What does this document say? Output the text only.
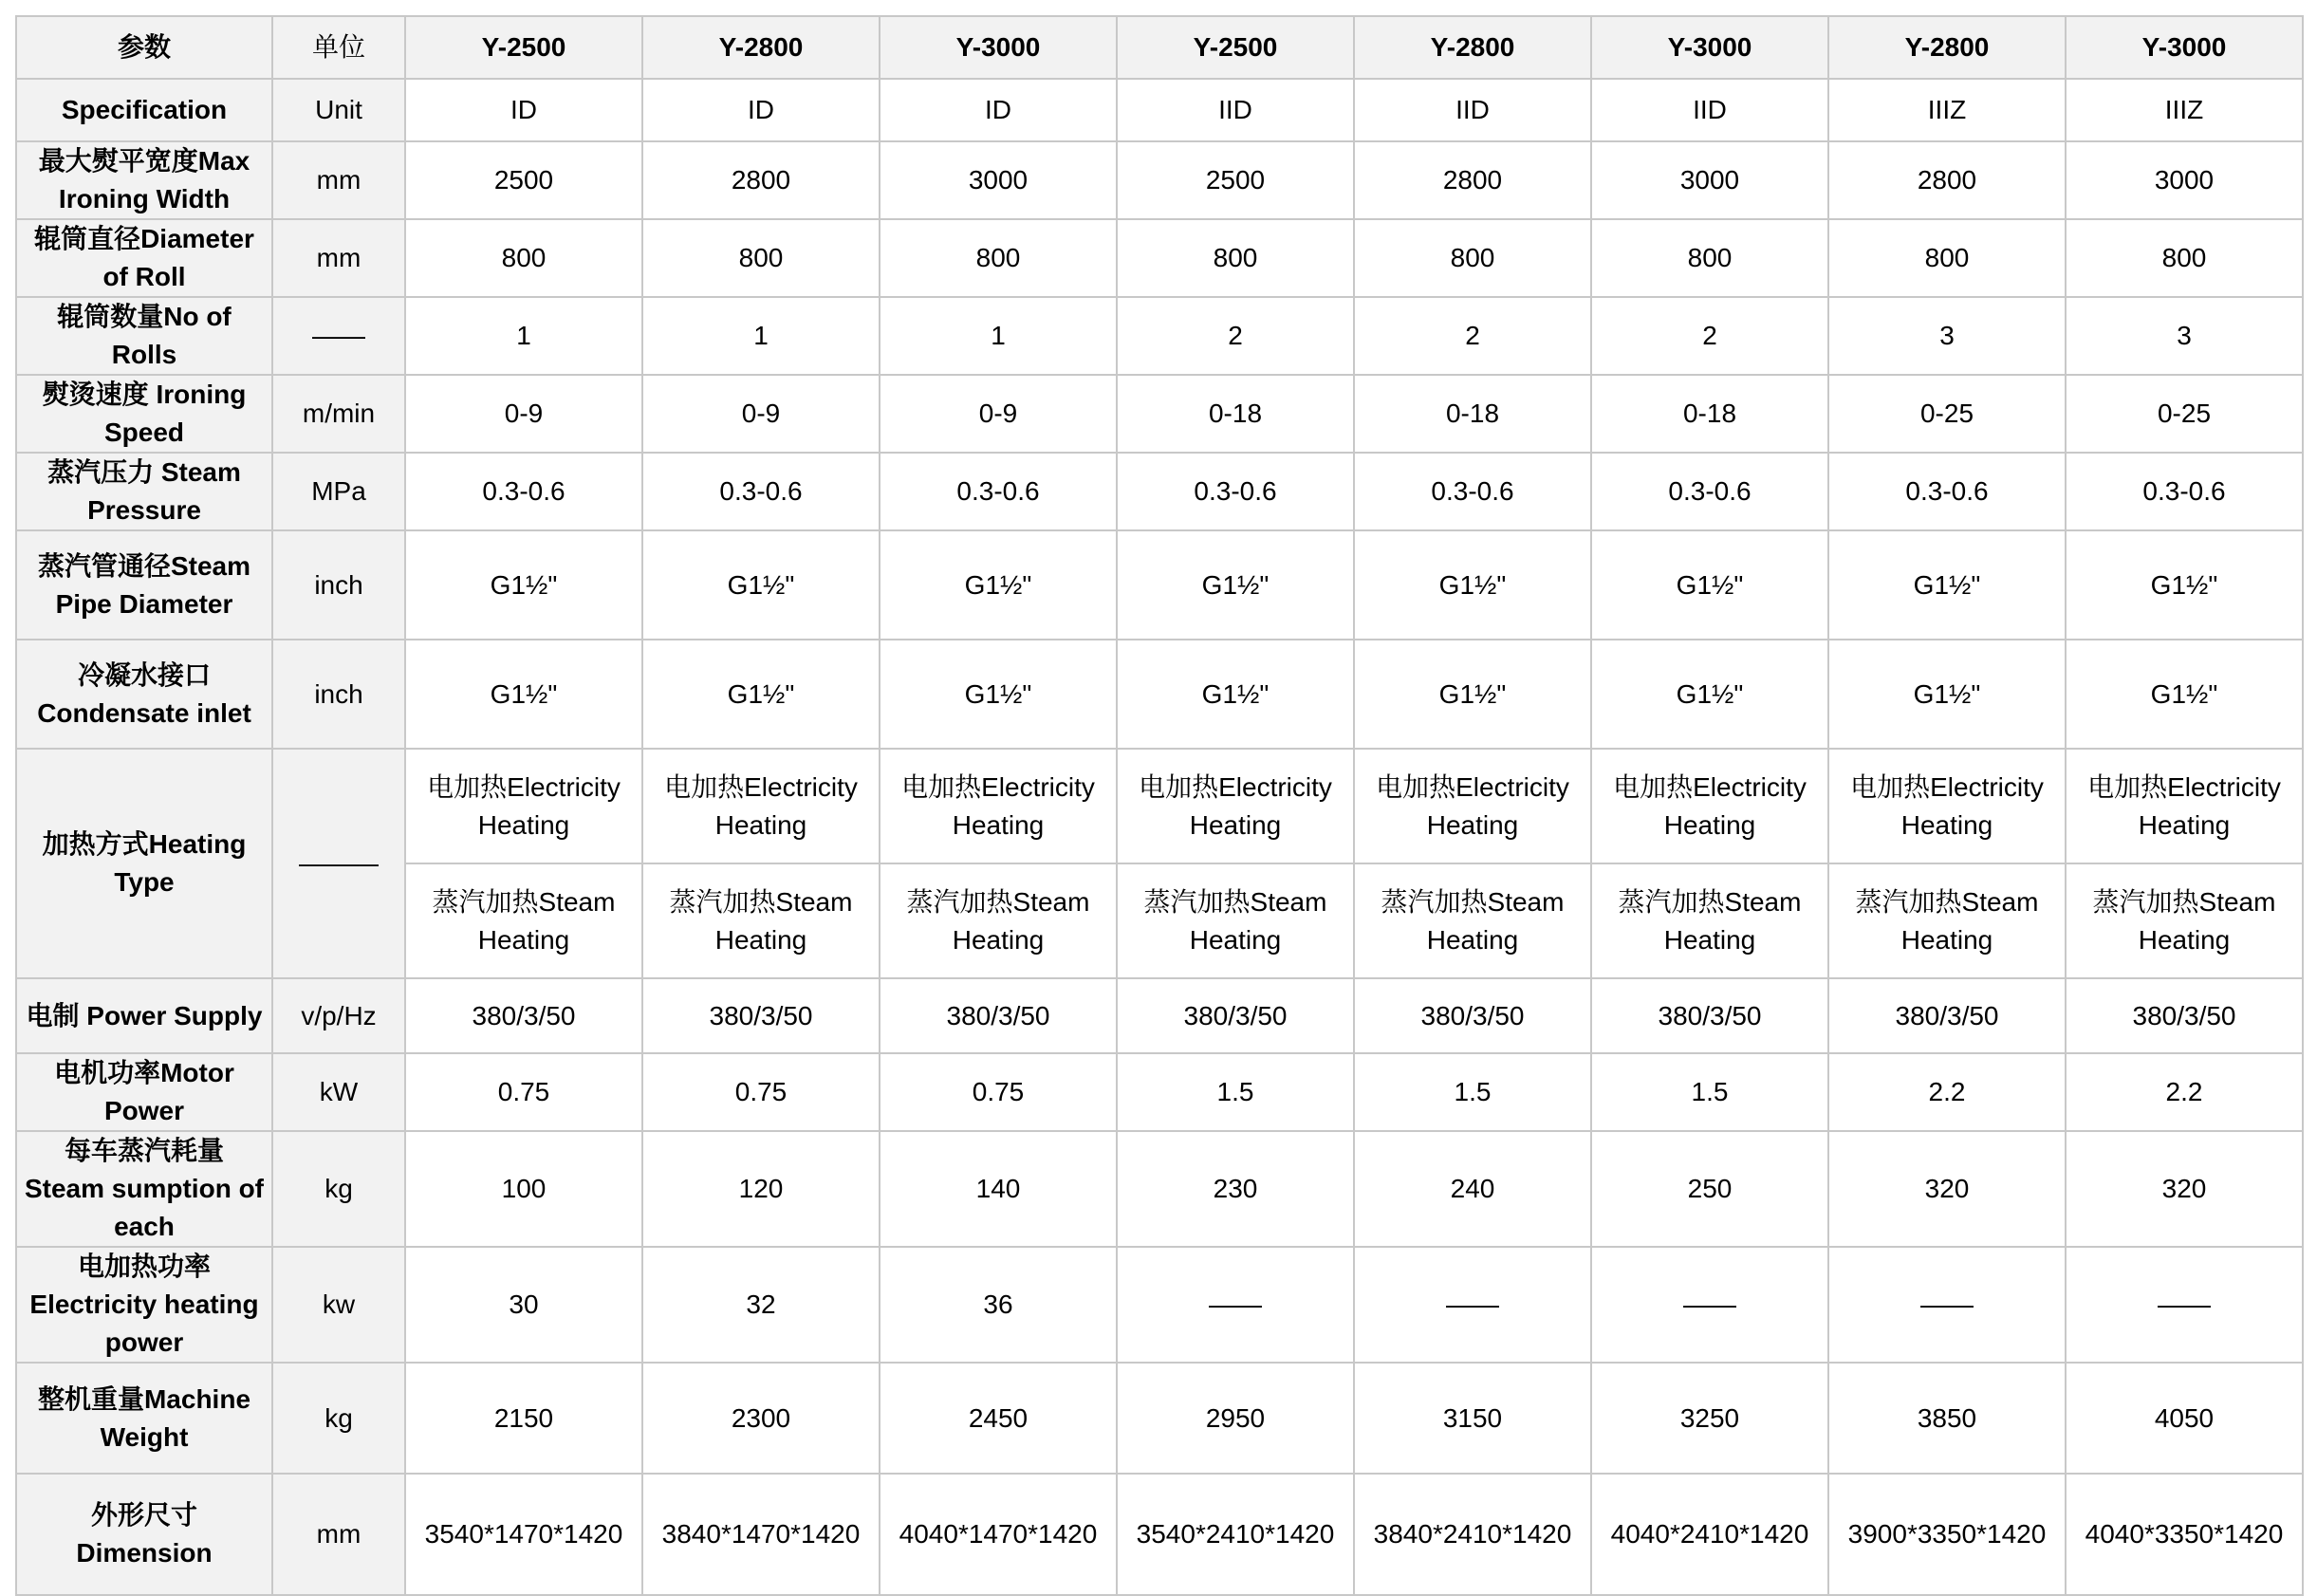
参数	单位	Y-2500	Y-2800	Y-3000	Y-2500	Y-2800	Y-3000	Y-2800	Y-3000
Specification	Unit	ID	ID	ID	IID	IID	IID	IIIZ	IIIZ
最大熨平宽度Max Ironing Width	mm	2500	2800	3000	2500	2800	3000	2800	3000
辊筒直径Diameter of Roll	mm	800	800	800	800	800	800	800	800
辊筒数量No of Rolls	——	1	1	1	2	2	2	3	3
熨烫速度 Ironing Speed	m/min	0-9	0-9	0-9	0-18	0-18	0-18	0-25	0-25
蒸汽压力 Steam Pressure	MPa	0.3-0.6	0.3-0.6	0.3-0.6	0.3-0.6	0.3-0.6	0.3-0.6	0.3-0.6	0.3-0.6
蒸汽管通径Steam Pipe Diameter	inch	G1½"	G1½"	G1½"	G1½"	G1½"	G1½"	G1½"	G1½"
冷凝水接口 Condensate inlet	inch	G1½"	G1½"	G1½"	G1½"	G1½"	G1½"	G1½"	G1½"
加热方式Heating Type	———	电加热Electricity Heating	电加热Electricity Heating	电加热Electricity Heating	电加热Electricity Heating	电加热Electricity Heating	电加热Electricity Heating	电加热Electricity Heating	电加热Electricity Heating
		蒸汽加热Steam Heating	蒸汽加热Steam Heating	蒸汽加热Steam Heating	蒸汽加热Steam Heating	蒸汽加热Steam Heating	蒸汽加热Steam Heating	蒸汽加热Steam Heating	蒸汽加热Steam Heating
电制 Power Supply	v/p/Hz	380/3/50	380/3/50	380/3/50	380/3/50	380/3/50	380/3/50	380/3/50	380/3/50
电机功率Motor Power	kW	0.75	0.75	0.75	1.5	1.5	1.5	2.2	2.2
每车蒸汽耗量 Steam sumption of each	kg	100	120	140	230	240	250	320	320
电加热功率 Electricity heating power	kw	30	32	36	——	——	——	——	——
整机重量Machine Weight	kg	2150	2300	2450	2950	3150	3250	3850	4050
外形尺寸 Dimension	mm	3540*1470*1420	3840*1470*1420	4040*1470*1420	3540*2410*1420	3840*2410*1420	4040*2410*1420	3900*3350*1420	4040*3350*1420
